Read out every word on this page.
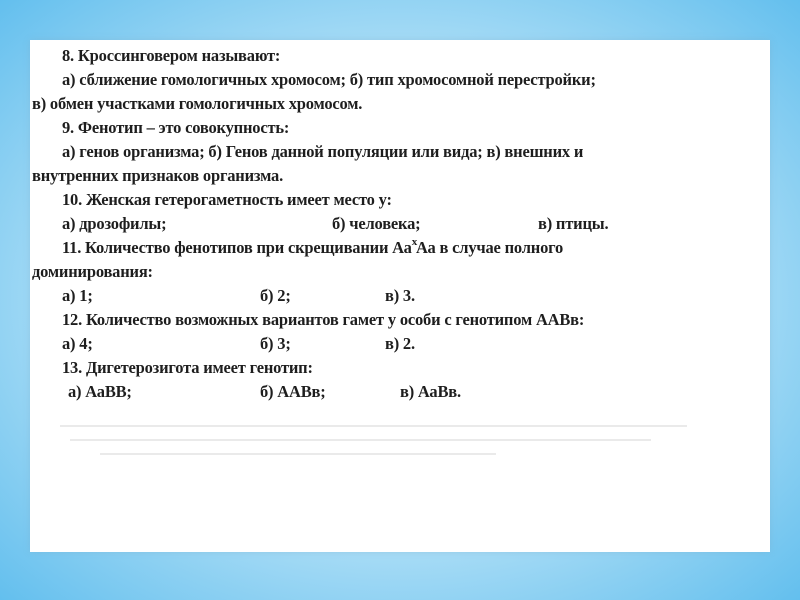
8. Кроссинговером называют:
а) сближение гомологичных хромосом; б) тип хромосомной перестройки;
в) обмен участками гомологичных хромосом.
9. Фенотип – это совокупность:
а) генов организма; б) Генов данной популяции или вида; в) внешних и
внутренних признаков организма.
10. Женская гетерогаметность имеет место у:
а) дрозофилы;	б) человека;	в) птицы.
11. Количество фенотипов при скрещивании $Аа^хАа$ в случае полного
доминирования:
а) 1;	б) 2;	в) 3.
12. Количество возможных вариантов гамет у особи с генотипом ААВв:
а) 4;	б) 3;	в) 2.
13. Дигетерозигота имеет генотип:
а) АаВВ;	б) ААВв;	в) АаВв.
